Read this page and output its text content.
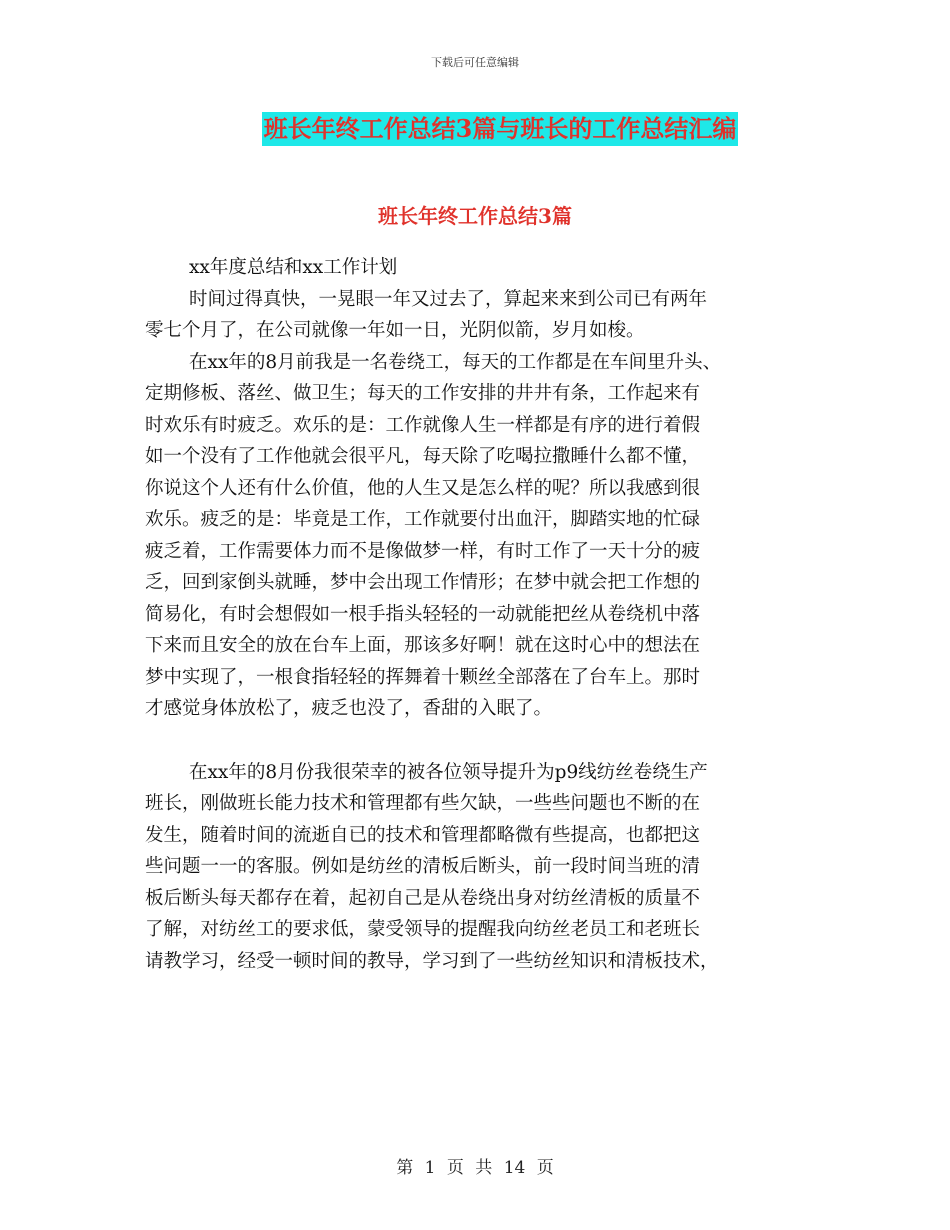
下载后可任意编辑
班长年终工作总结3篇与班长的工作总结汇编
班长年终工作总结3篇
xx年度总结和xx工作计划
时间过得真快，一晃眼一年又过去了，算起来来到公司已有两年
零七个月了，在公司就像一年如一日，光阴似箭，岁月如梭。
在xx年的8月前我是一名卷绕工，每天的工作都是在车间里升头、
定期修板、落丝、做卫生；每天的工作安排的井井有条，工作起来有
时欢乐有时疲乏。欢乐的是：工作就像人生一样都是有序的进行着假
如一个没有了工作他就会很平凡，每天除了吃喝拉撒睡什么都不懂，
你说这个人还有什么价值，他的人生又是怎么样的呢？所以我感到很
欢乐。疲乏的是：毕竟是工作，工作就要付出血汗，脚踏实地的忙碌
疲乏着，工作需要体力而不是像做梦一样，有时工作了一天十分的疲
乏，回到家倒头就睡，梦中会出现工作情形；在梦中就会把工作想的
简易化，有时会想假如一根手指头轻轻的一动就能把丝从卷绕机中落
下来而且安全的放在台车上面，那该多好啊！就在这时心中的想法在
梦中实现了，一根食指轻轻的挥舞着十颗丝全部落在了台车上。那时
才感觉身体放松了，疲乏也没了，香甜的入眠了。
在xx年的8月份我很荣幸的被各位领导提升为p9线纺丝卷绕生产
班长，刚做班长能力技术和管理都有些欠缺，一些些问题也不断的在
发生，随着时间的流逝自已的技术和管理都略微有些提高，也都把这
些问题一一的客服。例如是纺丝的清板后断头，前一段时间当班的清
板后断头每天都存在着，起初自己是从卷绕出身对纺丝清板的质量不
了解，对纺丝工的要求低，蒙受领导的提醒我向纺丝老员工和老班长
请教学习，经受一顿时间的教导，学习到了一些纺丝知识和清板技术，
第 1 页 共 14 页
